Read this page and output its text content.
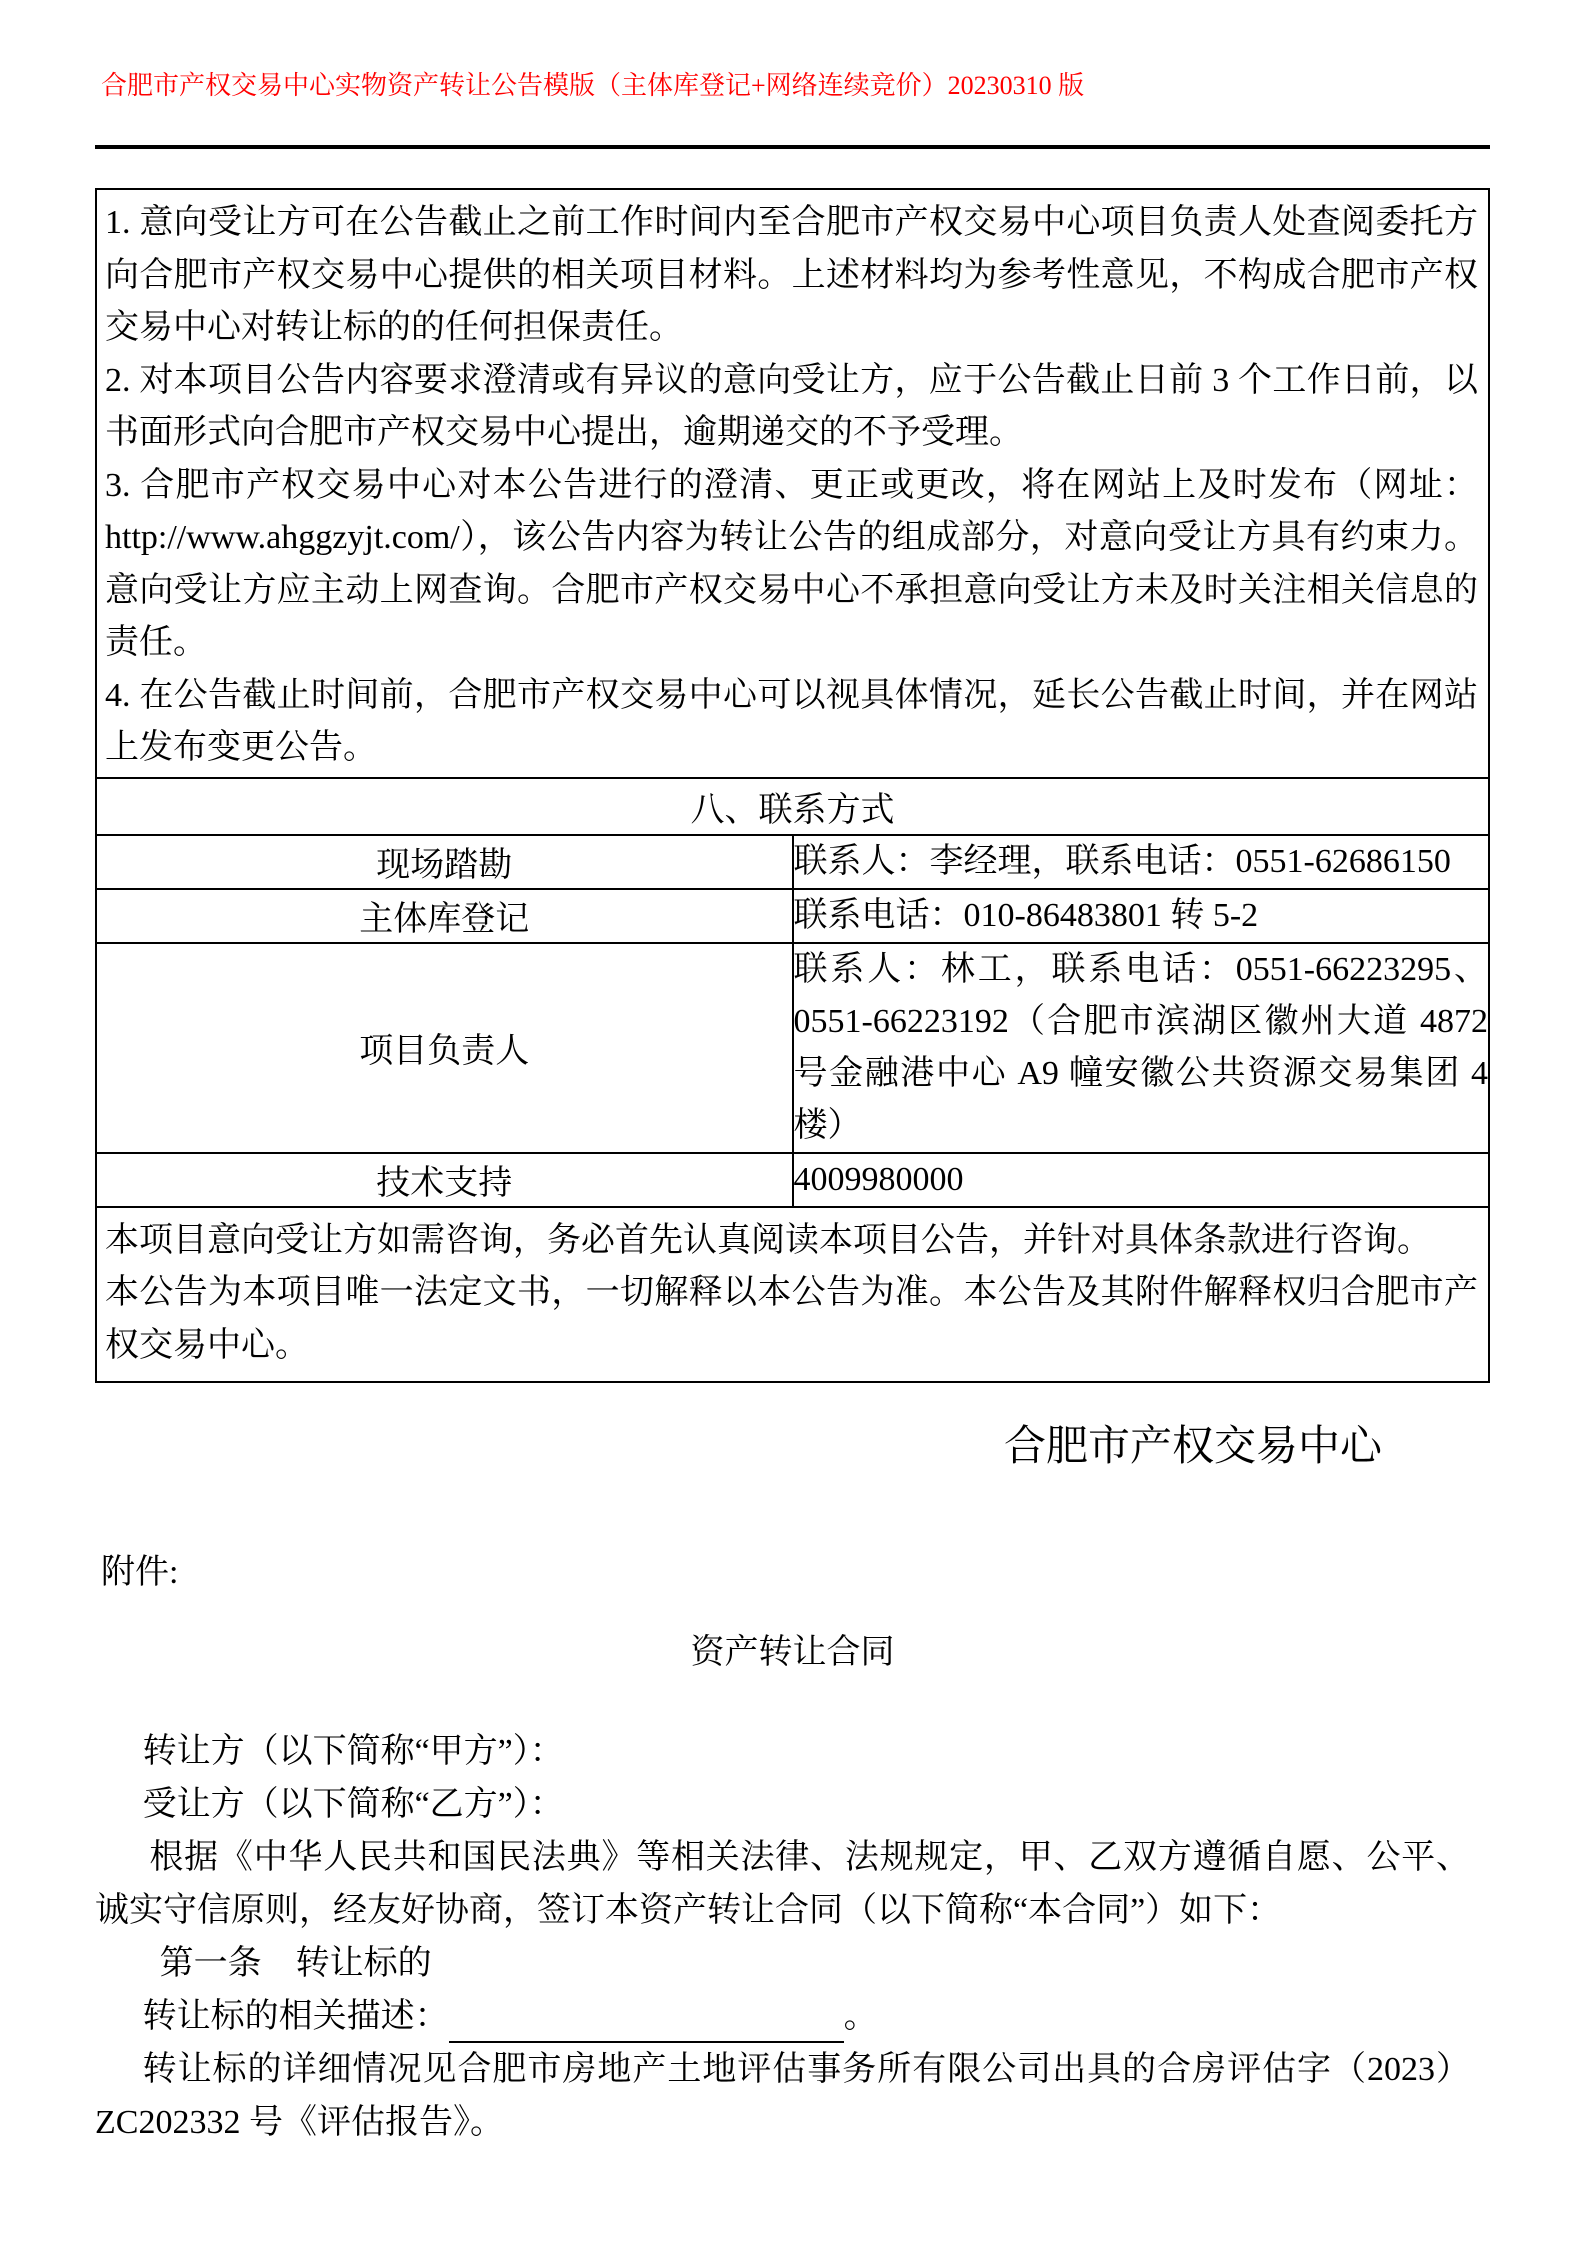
合肥市产权交易中心实物资产转让公告模版（主体库登记+网络连续竞价）20230310 版

1. 意向受让方可在公告截止之前工作时间内至合肥市产权交易中心项目负责人处查阅委托方向合肥市产权交易中心提供的相关项目材料。上述材料均为参考性意见，不构成合肥市产权交易中心对转让标的的任何担保责任。

2. 对本项目公告内容要求澄清或有异议的意向受让方，应于公告截止日前 3 个工作日前，以书面形式向合肥市产权交易中心提出，逾期递交的不予受理。

3. 合肥市产权交易中心对本公告进行的澄清、更正或更改，将在网站上及时发布（网址：http://www.ahggzyjt.com/），该公告内容为转让公告的组成部分，对意向受让方具有约束力。意向受让方应主动上网查询。合肥市产权交易中心不承担意向受让方未及时关注相关信息的责任。

4. 在公告截止时间前，合肥市产权交易中心可以视具体情况，延长公告截止时间，并在网站上发布变更公告。

八、联系方式	
现场踏勘	联系人：李经理，联系电话：0551-62686150
主体库登记	联系电话：010-86483801 转 5-2
项目负责人	联系人：林工，联系电话：0551-66223295、0551-66223192（合肥市滨湖区徽州大道 4872 号金融港中心 A9 幢安徽公共资源交易集团 4 楼）
技术支持	4009980000

本项目意向受让方如需咨询，务必首先认真阅读本项目公告，并针对具体条款进行咨询。

本公告为本项目唯一法定文书，一切解释以本公告为准。本公告及其附件解释权归合肥市产权交易中心。

合肥市产权交易中心

附件:

资产转让合同

转让方（以下简称“甲方”）：

受让方（以下简称“乙方”）：

根据《中华人民共和国民法典》等相关法律、法规规定，甲、乙双方遵循自愿、公平、诚实守信原则，经友好协商，签订本资产转让合同（以下简称“本合同”）如下：

第一条　转让标的

转让标的相关描述：	。

转让标的详细情况见合肥市房地产土地评估事务所有限公司出具的合房评估字（2023）ZC202332 号《评估报告》。
